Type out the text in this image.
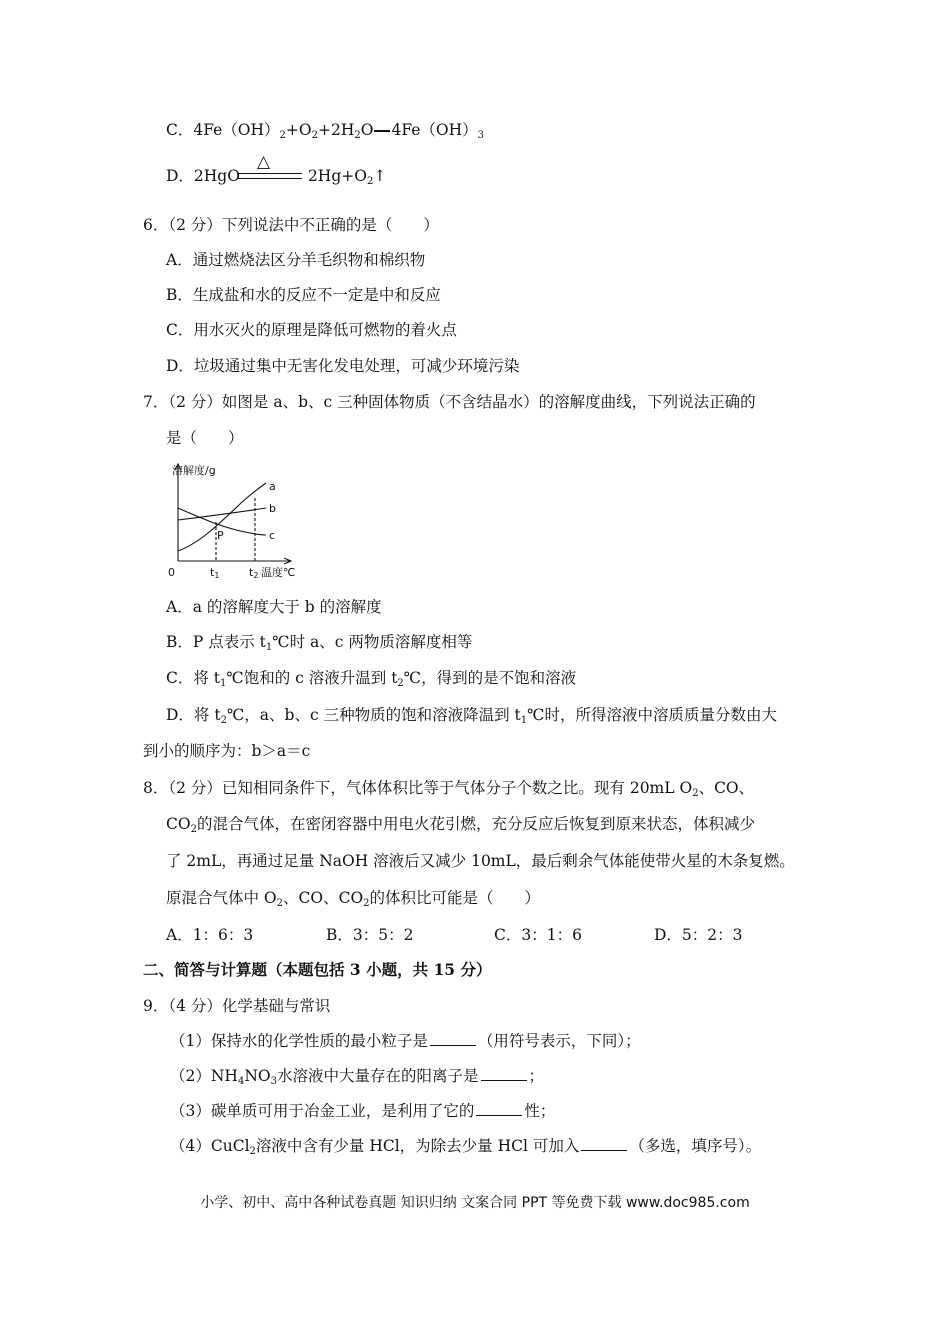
C．$4Fe(OH)_2+O_2+2H_2O$ $4Fe(OH)_3$
△
D．2HgO	$2Hg+O_2↑$
6．（2 分）下列说法中不正确的是（　　）
A．通过燃烧法区分羊毛织物和棉织物
B．生成盐和水的反应不一定是中和反应
C．用水灭火的原理是降低可燃物的着火点
D．垃圾通过集中无害化发电处理，可减少环境污染
7．（2 分）如图是 a、b、c 三种固体物质（不含结晶水）的溶解度曲线，下列说法正确的
是（　　）
溶解度/g
0	t1	t2 温度℃
a
b
c
P
A．a 的溶解度大于 b 的溶解度
B．P 点表示 $t_1℃$时 a、c 两物质溶解度相等
C．将 $t_1℃$饱和的 c 溶液升温到 $t_2℃$，得到的是不饱和溶液
D．将 $t_2℃$，a、b、c 三种物质的饱和溶液降温到 $t_1℃$时，所得溶液中溶质质量分数由大
到小的顺序为：b＞a＝c
8．（2 分）已知相同条件下，气体体积比等于气体分子个数之比。现有 20mL $O_2$、CO、
$CO_2$的混合气体，在密闭容器中用电火花引燃，充分反应后恢复到原来状态，体积减少
了 2mL，再通过足量 NaOH 溶液后又减少 10mL，最后剩余气体能使带火星的木条复燃。
原混合气体中 $O_2$、CO、$CO_2$的体积比可能是（　　）
A．1：6：3	B．3：5：2	C．3：1：6	D．5：2：3
二、简答与计算题（本题包括 3 小题，共 15 分）
9．（4 分）化学基础与常识
（1）保持水的化学性质的最小粒子是	（用符号表示，下同）；
$(2)NH_4NO_3$水溶液中大量存在的阳离子是	；
（3）碳单质可用于冶金工业，是利用了它的	性；
（4）CuCl$_2$溶液中含有少量 HCl，为除去少量 HCl 可加入	（多选，填序号）。
小学、初中、高中各种试卷真题 知识归纳 文案合同 PPT 等免费下载 www.doc985.com
